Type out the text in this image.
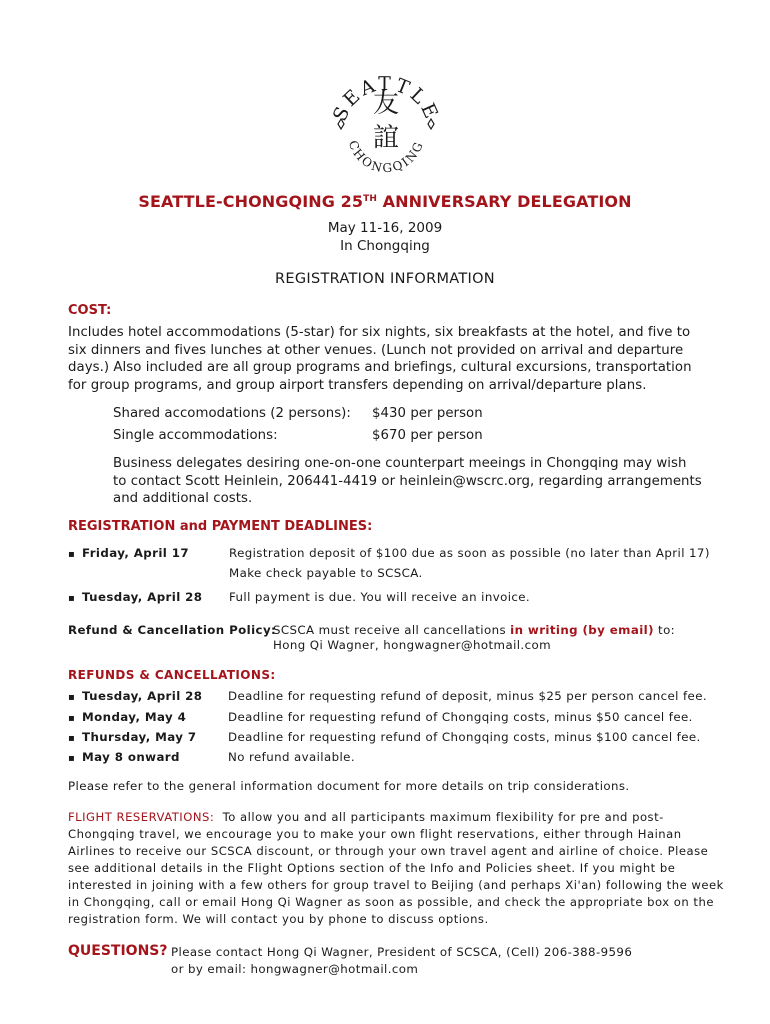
SEATTL
CHONGQING
友
誼
SEATTLE-CHONGQING 25TH ANNIVERSARY DELEGATION
May 11-16, 2009
In Chongqing
REGISTRATION INFORMATION
COST:
Includes hotel accommodations (5-star) for six nights, six breakfasts at the hotel, and five to
six dinners and fives lunches at other venues. (Lunch not provided on arrival and departure
days.) Also included are all group programs and briefings, cultural excursions, transportation
for group programs, and group airport transfers depending on arrival/departure plans.
Shared accomodations (2 persons): $430 per person
Single accommodations:	$670 per person
Business delegates desiring one-on-one counterpart meeings in Chongqing may wish
to contact Scott Heinlein, 206441-4419 or heinlein@wscrc.org, regarding arrangements
and additional costs.
REGISTRATION and PAYMENT DEADLINES:
▪ Friday, April 17	Registration deposit of $100 due as soon as possible (no later than April 17)
Make check payable to SCSCA.
▪ Tuesday, April 28 Full payment is due. You will receive an invoice.
Refund & Cancellation Policy:
SCSCA must receive all cancellations in writing (by email) to:
Hong Qi Wagner, hongwagner@hotmail.com
REFUNDS & CANCELLATIONS:
▪ Tuesday, April 28 Deadline for requesting refund of deposit, minus $25 per person cancel fee.
▪ Monday, May 4	Deadline for requesting refund of Chongqing costs, minus $50 cancel fee.
▪ Thursday, May 7	Deadline for requesting refund of Chongqing costs, minus $100 cancel fee.
▪ May 8 onward	No refund available.
Please refer to the general information document for more details on trip considerations.
FLIGHT RESERVATIONS:  To allow you and all participants maximum flexibility for pre and post-
Chongqing travel, we encourage you to make your own flight reservations, either through Hainan
Airlines to receive our SCSCA discount, or through your own travel agent and airline of choice. Please
see additional details in the Flight Options section of the Info and Policies sheet. If you might be
interested in joining with a few others for group travel to Beijing (and perhaps Xi'an) following the week
in Chongqing, call or email Hong Qi Wagner as soon as possible, and check the appropriate box on the
registration form. We will contact you by phone to discuss options.
QUESTIONS? Please contact Hong Qi Wagner, President of SCSCA, (Cell) 206-388-9596
or by email: hongwagner@hotmail.com
